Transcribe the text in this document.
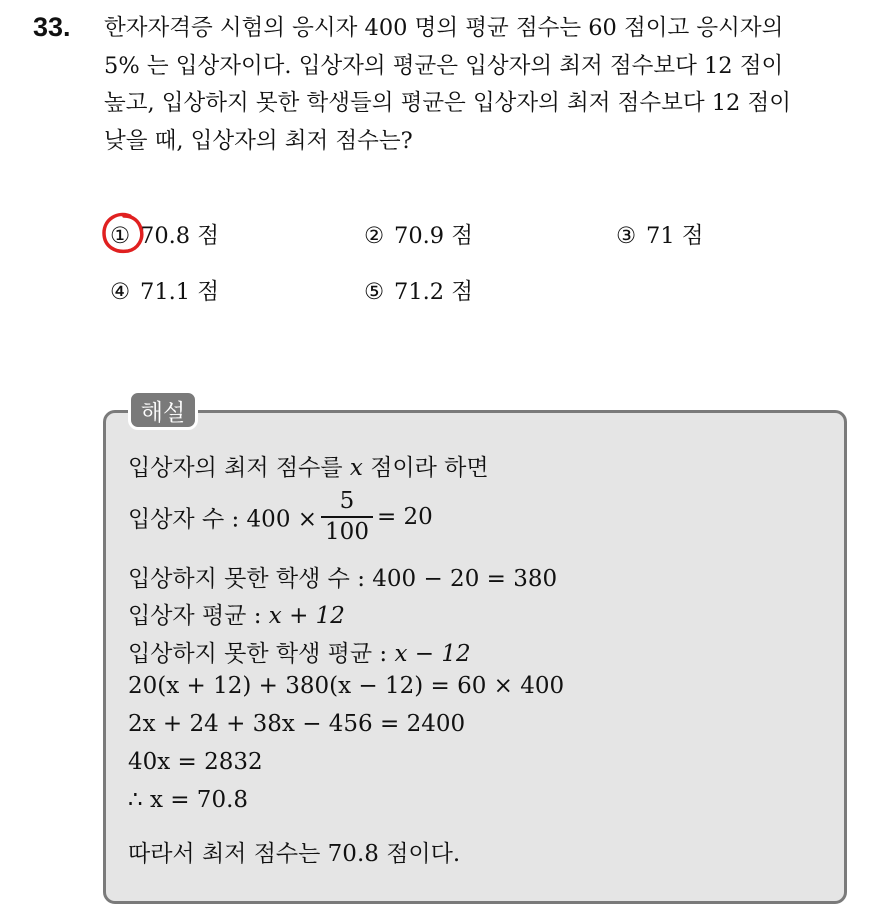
33. 한자자격증 시험의 응시자 400 명의 평균 점수는 60 점이고 응시자의
5% 는 입상자이다. 입상자의 평균은 입상자의 최저 점수보다 12 점이
높고, 입상하지 못한 학생들의 평균은 입상자의 최저 점수보다 12 점이
낮을 때, 입상자의 최저 점수는?
① 70.8 점	② 70.9 점	③ 71 점
④ 71.1 점	⑤ 71.2 점
해설
입상자의 최저 점수를 x 점이라 하면
입상자 수 : $400 \times \frac{5}{100} = 20$
입상하지 못한 학생 수 : 400 − 20 = 380
입상자 평균 : x + 12
입상하지 못한 학생 평균 : x − 12
20(x + 12) + 380(x − 12) = 60 × 400
2x + 24 + 38x − 456 = 2400
40x = 2832
∴ x = 70.8
따라서 최저 점수는 70.8 점이다.
